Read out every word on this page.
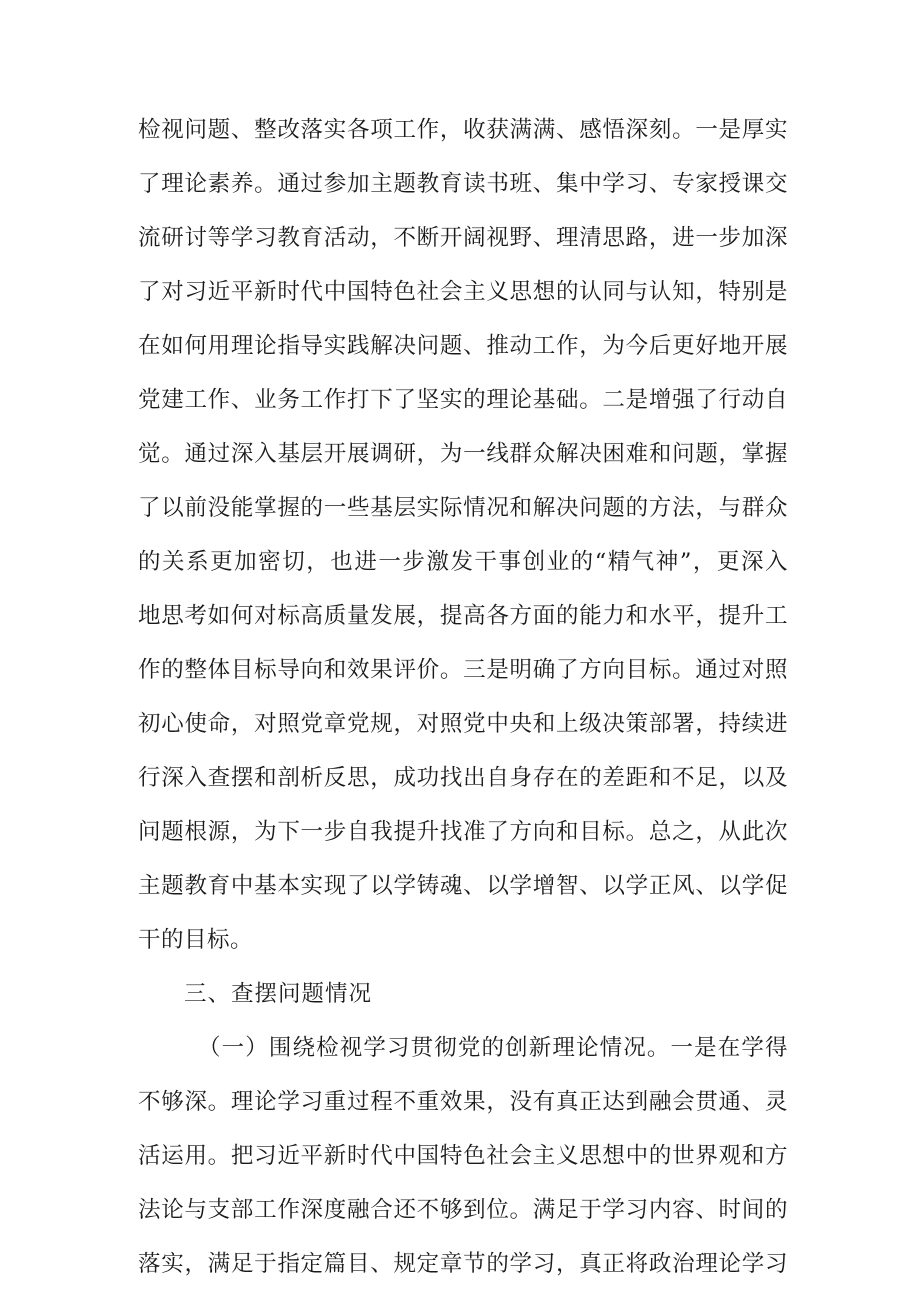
检视问题、整改落实各项工作，收获满满、感悟深刻。一是厚实
了理论素养。通过参加主题教育读书班、集中学习、专家授课交
流研讨等学习教育活动，不断开阔视野、理清思路，进一步加深
了对习近平新时代中国特色社会主义思想的认同与认知，特别是
在如何用理论指导实践解决问题、推动工作，为今后更好地开展
党建工作、业务工作打下了坚实的理论基础。二是增强了行动自
觉。通过深入基层开展调研，为一线群众解决困难和问题，掌握
了以前没能掌握的一些基层实际情况和解决问题的方法，与群众
的关系更加密切，也进一步激发干事创业的“精气神”，更深入
地思考如何对标高质量发展，提高各方面的能力和水平，提升工
作的整体目标导向和效果评价。三是明确了方向目标。通过对照
初心使命，对照党章党规，对照党中央和上级决策部署，持续进
行深入查摆和剖析反思，成功找出自身存在的差距和不足，以及
问题根源，为下一步自我提升找准了方向和目标。总之，从此次
主题教育中基本实现了以学铸魂、以学增智、以学正风、以学促
干的目标。
三、查摆问题情况
（一）围绕检视学习贯彻党的创新理论情况。一是在学得
不够深。理论学习重过程不重效果，没有真正达到融会贯通、灵
活运用。把习近平新时代中国特色社会主义思想中的世界观和方
法论与支部工作深度融合还不够到位。满足于学习内容、时间的
落实，满足于指定篇目、规定章节的学习，真正将政治理论学习
